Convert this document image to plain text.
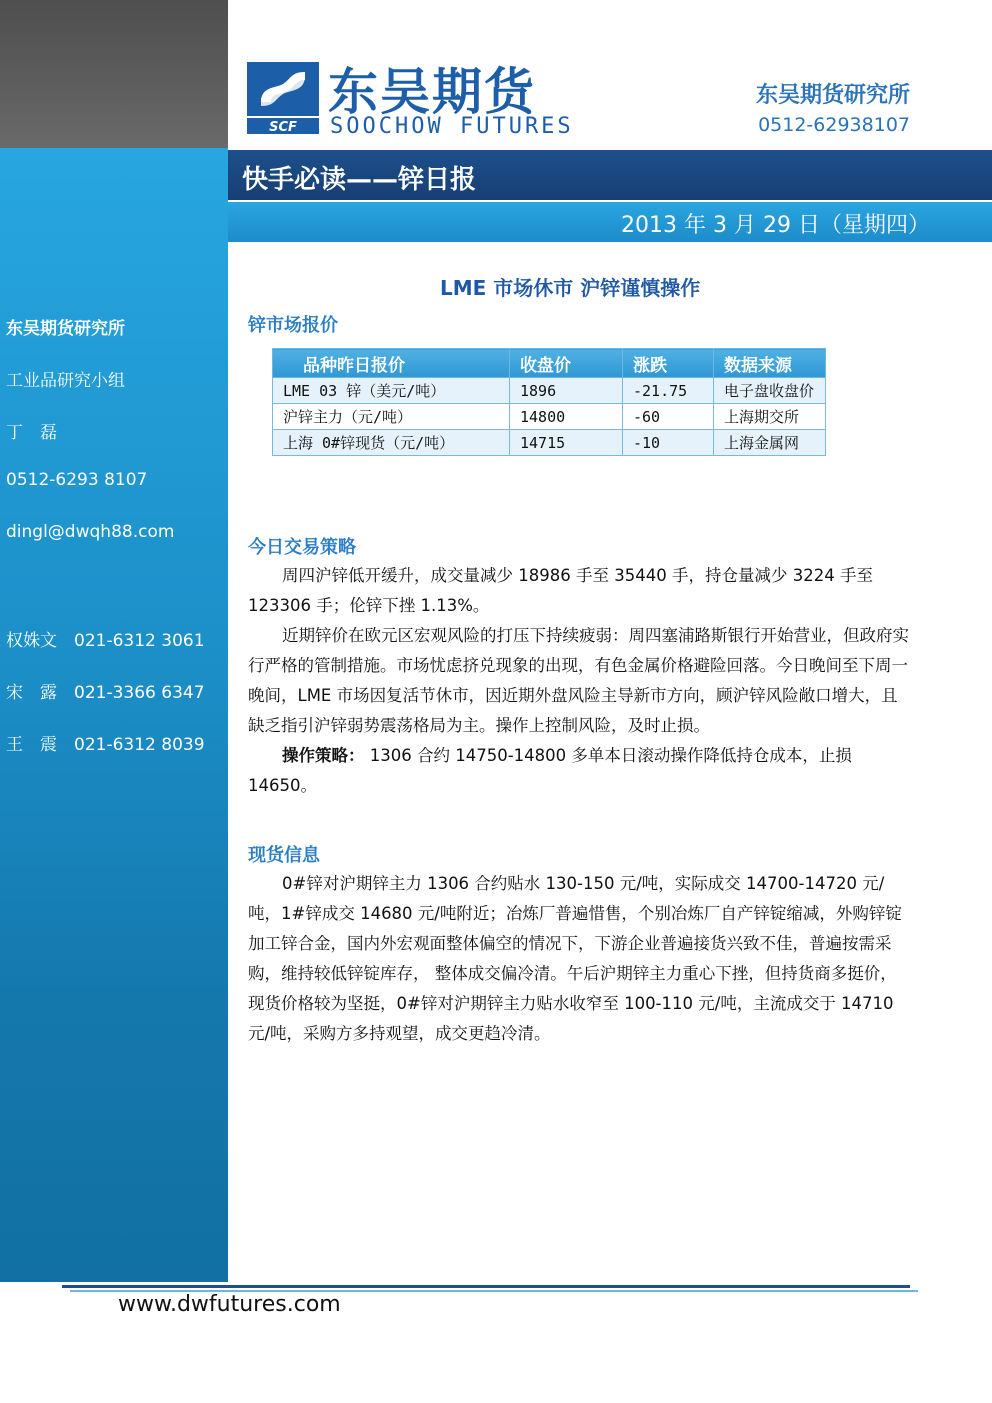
东吴期货研究所
工业品研究小组
丁　磊
0512-6293 8107
dingl@dwqh88.com
权姝文 021-6312 3061
宋　露 021-3366 6347
王　震 021-6312 8039
SCF
东吴期货
SOOCHOW FUTURES
东吴期货研究所
0512-62938107
快手必读——锌日报
2013 年 3 月 29 日（星期四）
LME 市场休市 沪锌谨慎操作
锌市场报价
品种昨日报价	收盘价	涨跌	数据来源
LME 03 锌（美元/吨）	1896	-21.75	电子盘收盘价
沪锌主力（元/吨）	14800	-60	上海期交所
上海 0#锌现货（元/吨）	14715	-10	上海金属网
今日交易策略

周四沪锌低开缓升，成交量减少 18986 手至 35440 手，持仓量减少 3224 手至 123306 手；伦锌下挫 1.13%。

近期锌价在欧元区宏观风险的打压下持续疲弱：周四塞浦路斯银行开始营业，但政府实行严格的管制措施。市场忧虑挤兑现象的出现，有色金属价格避险回落。今日晚间至下周一晚间，LME 市场因复活节休市，因近期外盘风险主导新市方向，顾沪锌风险敞口增大，且缺乏指引沪锌弱势震荡格局为主。操作上控制风险，及时止损。

操作策略： 1306 合约 14750-14800 多单本日滚动操作降低持仓成本，止损 14650。

现货信息

0#锌对沪期锌主力 1306 合约贴水 130-150 元/吨，实际成交 14700-14720 元/吨，1#锌成交 14680 元/吨附近；冶炼厂普遍惜售，个别冶炼厂自产锌锭缩减，外购锌锭加工锌合金，国内外宏观面整体偏空的情况下，下游企业普遍接货兴致不佳，普遍按需采购，维持较低锌锭库存， 整体成交偏冷清。午后沪期锌主力重心下挫，但持货商多挺价，现货价格较为坚挺，0#锌对沪期锌主力贴水收窄至 100-110 元/吨，主流成交于 14710 元/吨，采购方多持观望，成交更趋冷清。

www.dwfutures.com
